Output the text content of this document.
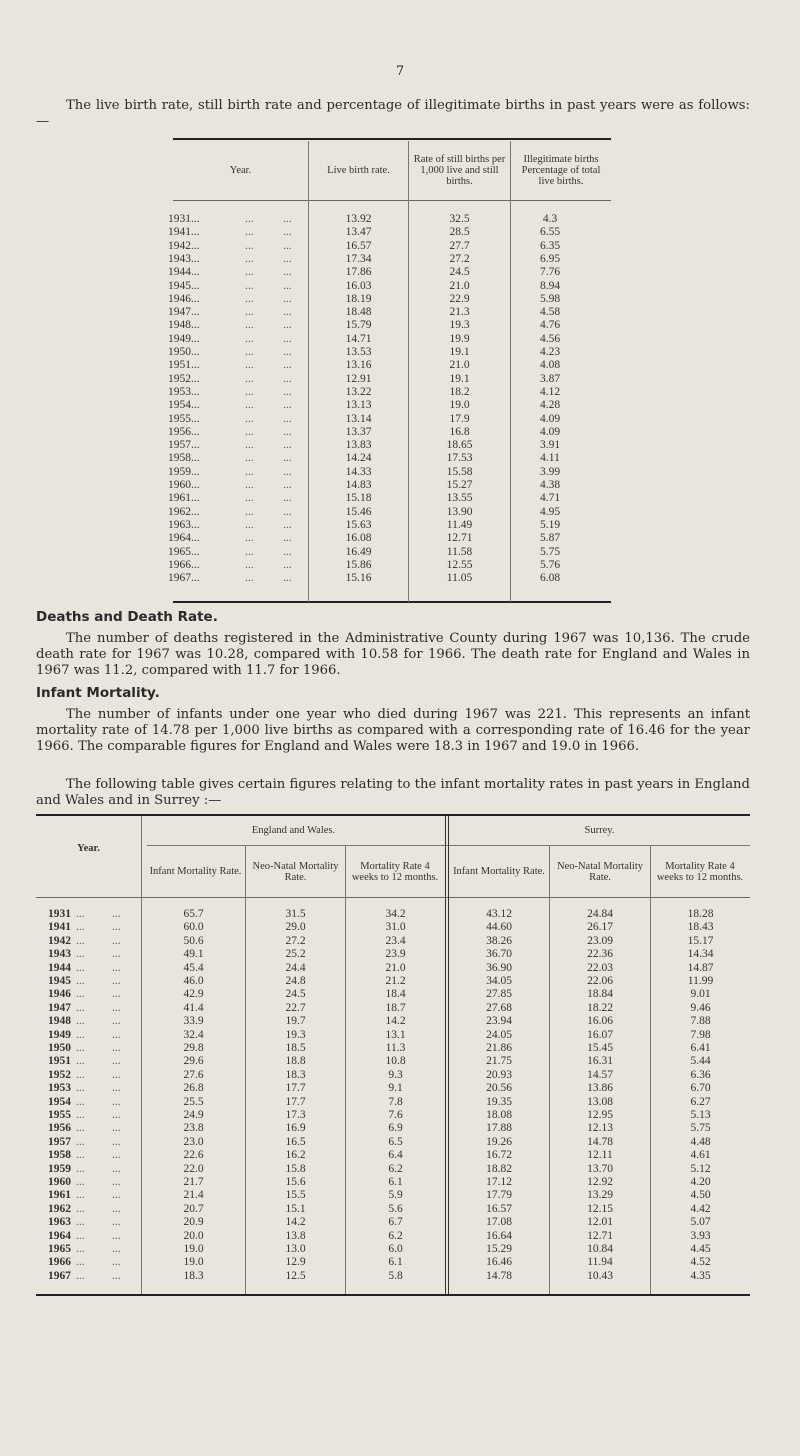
7
The live birth rate, still birth rate and percentage of illegitimate births in past years were as follows:—
Year.	Live birth rate.
Rate of still births per 1,000 live and still births.
Illegitimate births Percentage of total live births.
1931...	...	...	13.92	32.5	4.3
1941...	...	...	13.47	28.5	6.55
1942...	...	...	16.57	27.7	6.35
1943...	...	...	17.34	27.2	6.95
1944...	...	...	17.86	24.5	7.76
1945...	...	...	16.03	21.0	8.94
1946...	...	...	18.19	22.9	5.98
1947...	...	...	18.48	21.3	4.58
1948...	...	...	15.79	19.3	4.76
1949...	...	...	14.71	19.9	4.56
1950...	...	...	13.53	19.1	4.23
1951...	...	...	13.16	21.0	4.08
1952...	...	...	12.91	19.1	3.87
1953...	...	...	13.22	18.2	4.12
1954...	...	...	13.13	19.0	4.28
1955...	...	...	13.14	17.9	4.09
1956...	...	...	13.37	16.8	4.09
1957...	...	...	13.83	18.65	3.91
1958...	...	...	14.24	17.53	4.11
1959...	...	...	14.33	15.58	3.99
1960...	...	...	14.83	15.27	4.38
1961...	...	...	15.18	13.55	4.71
1962...	...	...	15.46	13.90	4.95
1963...	...	...	15.63	11.49	5.19
1964...	...	...	16.08	12.71	5.87
1965...	...	...	16.49	11.58	5.75
1966...	...	...	15.86	12.55	5.76
1967...	...	...	15.16	11.05	6.08
Deaths and Death Rate.
The number of deaths registered in the Administrative County during 1967 was 10,136. The crude death rate for 1967 was 10.28, compared with 10.58 for 1966. The death rate for England and Wales in 1967 was 11.2, compared with 11.7 for 1966.
Infant Mortality.
The number of infants under one year who died during 1967 was 221. This represents an infant mortality rate of 14.78 per 1,000 live births as compared with a corresponding rate of 16.46 for the year 1966. The comparable figures for England and Wales were 18.3 in 1967 and 19.0 in 1966.
The following table gives certain figures relating to the infant mortality rates in past years in England and Wales and in Surrey :—
Year.
England and Wales.	Surrey.
Infant Mortality Rate.	Neo-Natal Mortality Rate.
Mortality Rate 4 weeks to 12 months.	Infant Mortality Rate.	Neo-Natal Mortality Rate.
Mortality Rate 4 weeks to 12 months.
1931 ... ...	65.7	31.5	34.2	43.12	24.84	18.28
1941 ... ...	60.0	29.0	31.0	44.60	26.17	18.43
1942 ... ...	50.6	27.2	23.4	38.26	23.09	15.17
1943 ... ...	49.1	25.2	23.9	36.70	22.36	14.34
1944 ... ...	45.4	24.4	21.0	36.90	22.03	14.87
1945 ... ...	46.0	24.8	21.2	34.05	22.06	11.99
1946 ... ...	42.9	24.5	18.4	27.85	18.84	9.01
1947 ... ...	41.4	22.7	18.7	27.68	18.22	9.46
1948 ... ...	33.9	19.7	14.2	23.94	16.06	7.88
1949 ... ...	32.4	19.3	13.1	24.05	16.07	7.98
1950 ... ...	29.8	18.5	11.3	21.86	15.45	6.41
1951 ... ...	29.6	18.8	10.8	21.75	16.31	5.44
1952 ... ...	27.6	18.3	9.3	20.93	14.57	6.36
1953 ... ...	26.8	17.7	9.1	20.56	13.86	6.70
1954 ... ...	25.5	17.7	7.8	19.35	13.08	6.27
1955 ... ...	24.9	17.3	7.6	18.08	12.95	5.13
1956 ... ...	23.8	16.9	6.9	17.88	12.13	5.75
1957 ... ...	23.0	16.5	6.5	19.26	14.78	4.48
1958 ... ...	22.6	16.2	6.4	16.72	12.11	4.61
1959 ... ...	22.0	15.8	6.2	18.82	13.70	5.12
1960 ... ...	21.7	15.6	6.1	17.12	12.92	4.20
1961 ... ...	21.4	15.5	5.9	17.79	13.29	4.50
1962 ... ...	20.7	15.1	5.6	16.57	12.15	4.42
1963 ... ...	20.9	14.2	6.7	17.08	12.01	5.07
1964 ... ...	20.0	13.8	6.2	16.64	12.71	3.93
1965 ... ...	19.0	13.0	6.0	15.29	10.84	4.45
1966 ... ...	19.0	12.9	6.1	16.46	11.94	4.52
1967 ... ...	18.3	12.5	5.8	14.78	10.43	4.35
